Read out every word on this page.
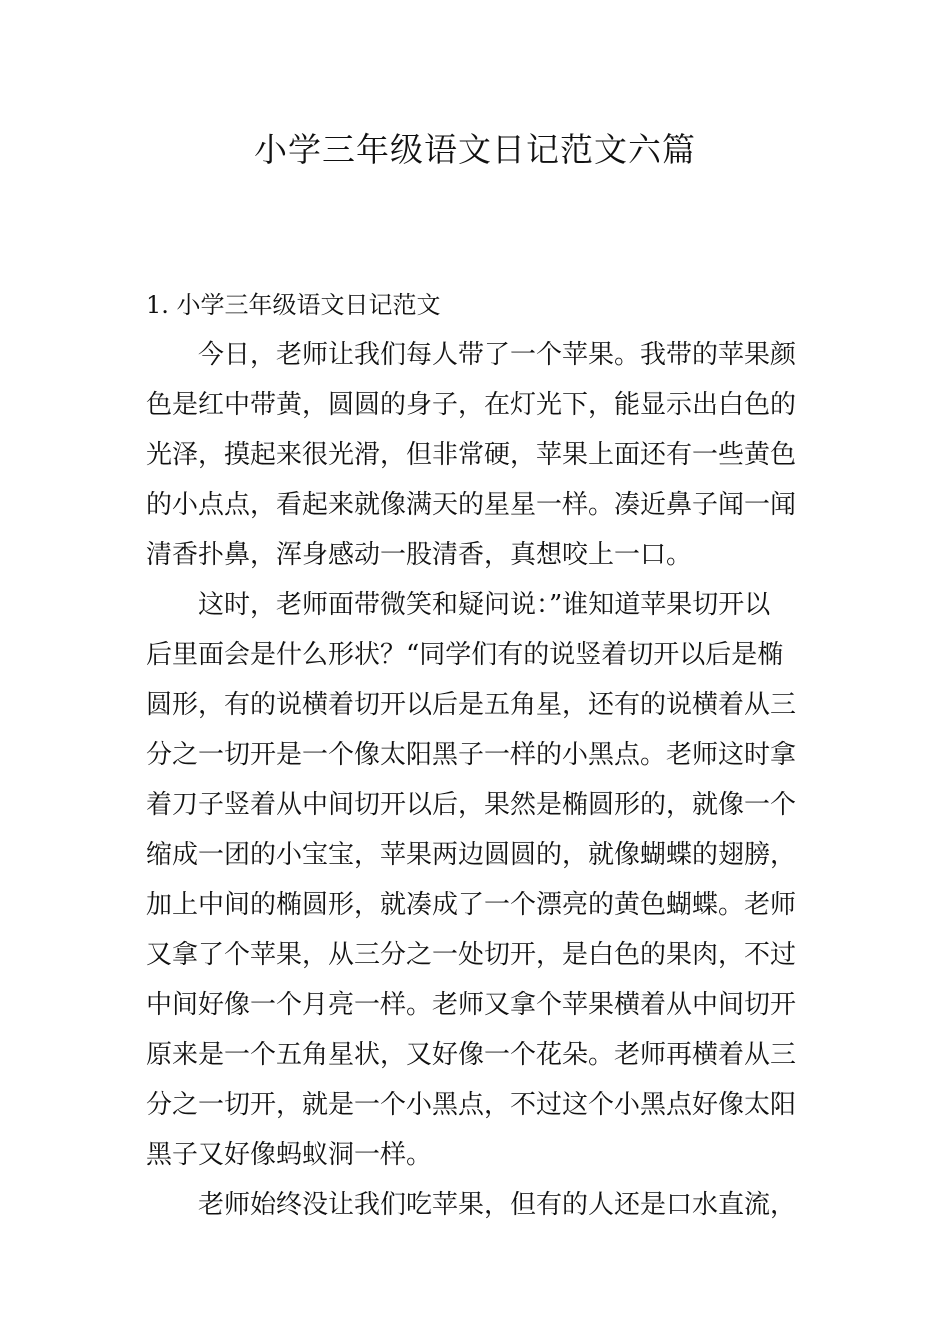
小学三年级语文日记范文六篇

1. 小学三年级语文日记范文

今日，老师让我们每人带了一个苹果。我带的苹果颜

色是红中带黄，圆圆的身子，在灯光下，能显示出白色的

光泽，摸起来很光滑，但非常硬，苹果上面还有一些黄色

的小点点，看起来就像满天的星星一样。凑近鼻子闻一闻

清香扑鼻，浑身感动一股清香，真想咬上一口。

这时，老师面带微笑和疑问说：”谁知道苹果切开以

后里面会是什么形状？“同学们有的说竖着切开以后是椭

圆形，有的说横着切开以后是五角星，还有的说横着从三

分之一切开是一个像太阳黑子一样的小黑点。老师这时拿

着刀子竖着从中间切开以后，果然是椭圆形的，就像一个

缩成一团的小宝宝，苹果两边圆圆的，就像蝴蝶的翅膀，

加上中间的椭圆形，就凑成了一个漂亮的黄色蝴蝶。老师

又拿了个苹果，从三分之一处切开，是白色的果肉，不过

中间好像一个月亮一样。老师又拿个苹果横着从中间切开

原来是一个五角星状，又好像一个花朵。老师再横着从三

分之一切开，就是一个小黑点，不过这个小黑点好像太阳

黑子又好像蚂蚁洞一样。

老师始终没让我们吃苹果，但有的人还是口水直流，
